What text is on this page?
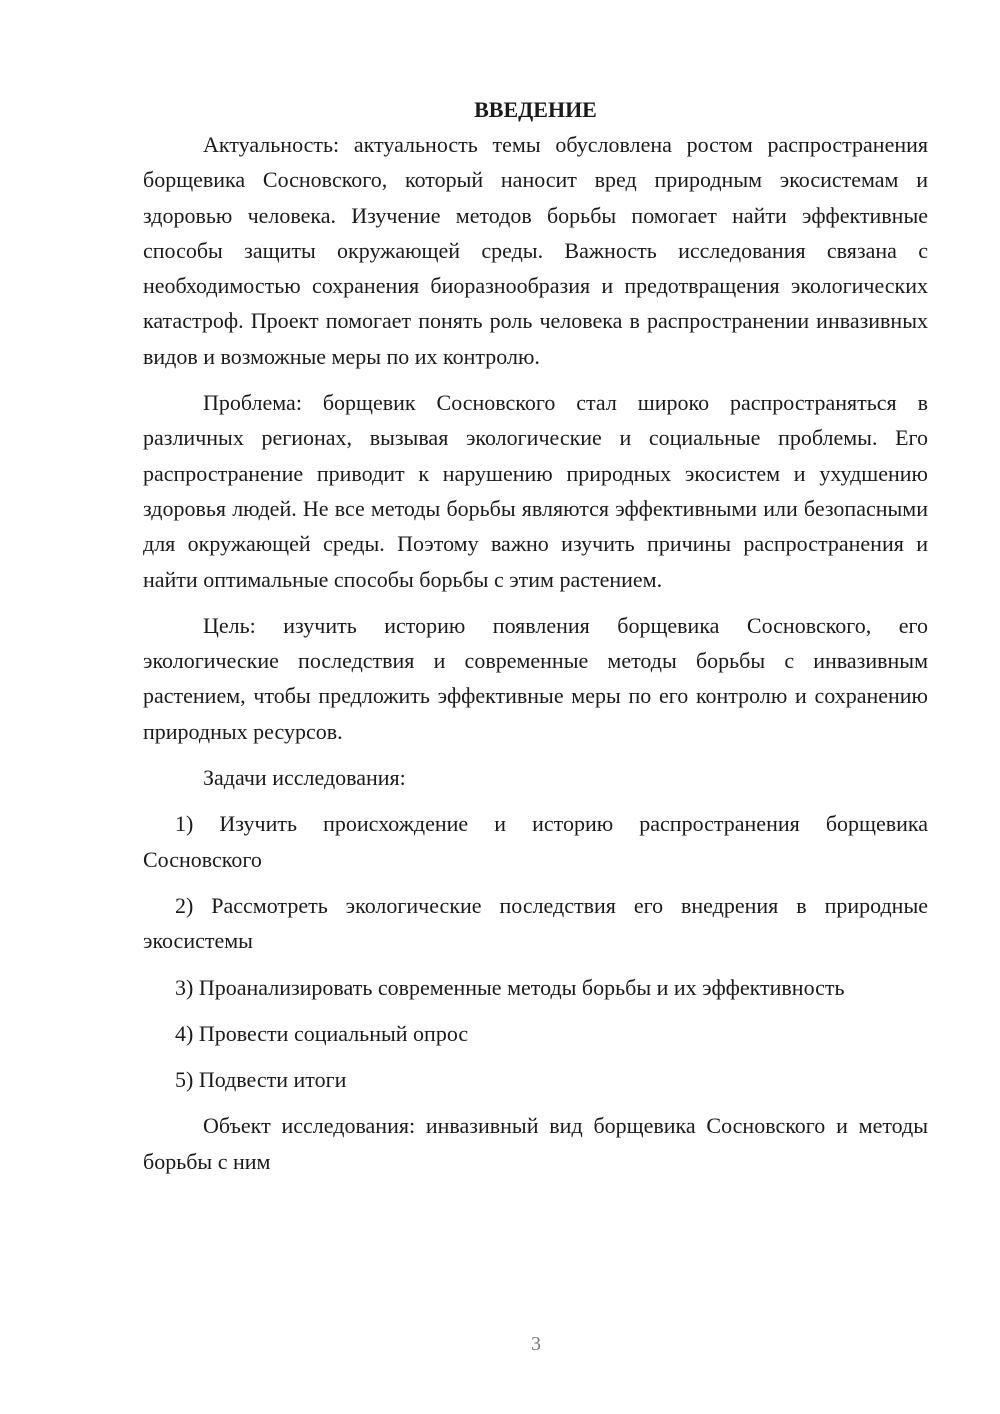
ВВЕДЕНИЕ

Актуальность: актуальность темы обусловлена ростом распространения борщевика Сосновского, который наносит вред природным экосистемам и здоровью человека. Изучение методов борьбы помогает найти эффективные способы защиты окружающей среды. Важность исследования связана с необходимостью сохранения биоразнообразия и предотвращения экологических катастроф. Проект помогает понять роль человека в распространении инвазивных видов и возможные меры по их контролю.

Проблема: борщевик Сосновского стал широко распространяться в различных регионах, вызывая экологические и социальные проблемы. Его распространение приводит к нарушению природных экосистем и ухудшению здоровья людей. Не все методы борьбы являются эффективными или безопасными для окружающей среды. Поэтому важно изучить причины распространения и найти оптимальные способы борьбы с этим растением.

Цель: изучить историю появления борщевика Сосновского, его экологические последствия и современные методы борьбы с инвазивным растением, чтобы предложить эффективные меры по его контролю и сохранению природных ресурсов.

Задачи исследования:

1) Изучить происхождение и историю распространения борщевика Сосновского

2) Рассмотреть экологические последствия его внедрения в природные экосистемы

3) Проанализировать современные методы борьбы и их эффективность

4) Провести социальный опрос

5) Подвести итоги

Объект исследования: инвазивный вид борщевика Сосновского и методы борьбы с ним

3
